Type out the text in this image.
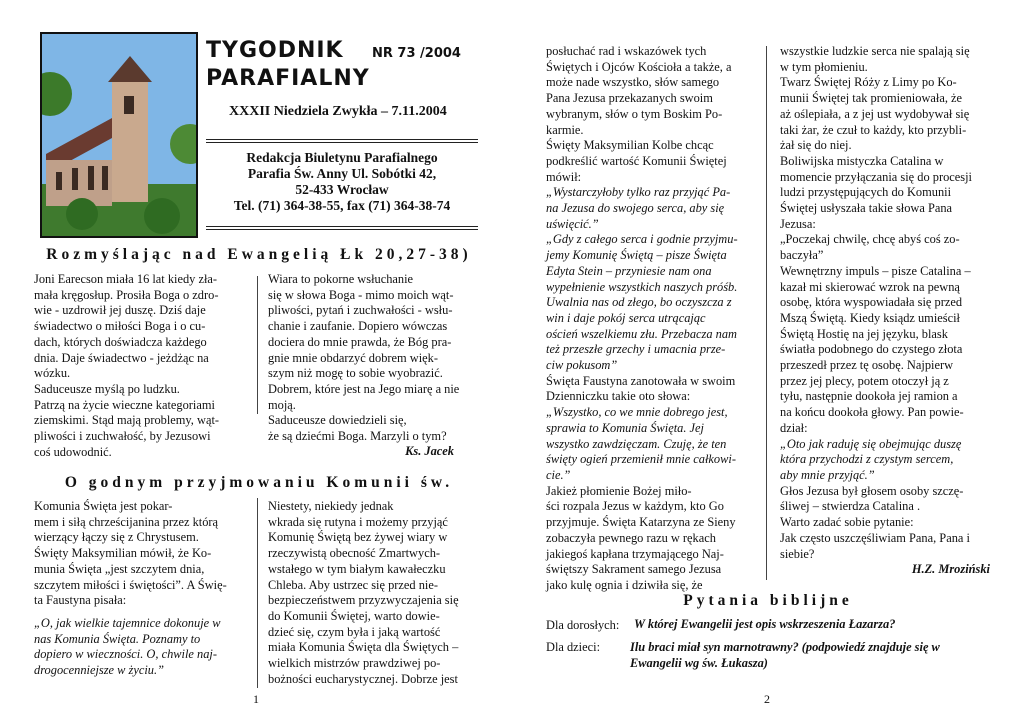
TYGODNIK NR 73 /2004
PARAFIALNY
XXXII Niedziela Zwykła – 7.11.2004
Redakcja Biuletynu Parafialnego
Parafia Św. Anny Ul. Sobótki 42,
52-433 Wrocław
Tel. (71) 364-38-55, fax (71) 364-38-74
Rozmyślając nad Ewangelią Łk 20,27-38)
Joni Earecson miała 16 lat kiedy zła-
mała kręgosłup. Prosiła Boga o zdro-
wie - uzdrowił jej duszę. Dziś daje
świadectwo o miłości Boga i o cu-
dach, których doświadcza każdego
dnia. Daje świadectwo - jeżdżąc na
wózku.
Saduceusze myślą po ludzku.
Patrzą na życie wieczne kategoriami
ziemskimi. Stąd mają problemy, wąt-
pliwości i zuchwałość, by Jezusowi
coś udowodnić.
Wiara to pokorne wsłuchanie
się w słowa Boga - mimo moich wąt-
pliwości, pytań i zuchwałości - wsłu-
chanie i zaufanie. Dopiero wówczas
dociera do mnie prawda, że Bóg pra-
gnie mnie obdarzyć dobrem więk-
szym niż mogę to sobie wyobrazić.
Dobrem, które jest na Jego miarę a nie
moją.
Saduceusze dowiedzieli się,
że są dziećmi Boga. Marzyli o tym?
Ks. Jacek
O godnym przyjmowaniu Komunii św.
Komunia Święta jest pokar-
mem i siłą chrześcijanina przez którą
wierzący łączy się z Chrystusem.
Święty Maksymilian mówił, że Ko-
munia Święta „jest szczytem dnia,
szczytem miłości i świętości”. A Świę-
ta Faustyna pisała:
„O, jak wielkie tajemnice dokonuje w
nas Komunia Święta. Poznamy to
dopiero w wieczności. O, chwile naj-
drogocenniejsze w życiu.”
Niestety, niekiedy jednak
wkrada się rutyna i możemy przyjąć
Komunię Świętą bez żywej wiary w
rzeczywistą obecność Zmartwych-
wstałego w tym białym kawałeczku
Chleba. Aby ustrzec się przed nie-
bezpieczeństwem przyzwyczajenia się
do Komunii Świętej, warto dowie-
dzieć się, czym była i jaką wartość
miała Komunia Święta dla Świętych –
wielkich mistrzów prawdziwej po-
bożności eucharystycznej. Dobrze jest
1
posłuchać rad i wskazówek tych
Świętych i Ojców Kościoła a także, a
może nade wszystko, słów samego
Pana Jezusa przekazanych swoim
wybranym, słów o tym Boskim Po-
karmie.
Święty Maksymilian Kolbe chcąc
podkreślić wartość Komunii Świętej
mówił:
„Wystarczyłoby tylko raz przyjąć Pa-
na Jezusa do swojego serca, aby się
uświęcić.”
„Gdy z całego serca i godnie przyjmu-
jemy Komunię Świętą – pisze Święta
Edyta Stein – przyniesie nam ona
wypełnienie wszystkich naszych próśb.
Uwalnia nas od złego, bo oczyszcza z
win i daje pokój serca utrącając
oścień wszelkiemu złu. Przebacza nam
też przeszłe grzechy i umacnia prze-
ciw pokusom”
Święta Faustyna zanotowała w swoim
Dzienniczku takie oto słowa:
„Wszystko, co we mnie dobrego jest,
sprawia to Komunia Święta. Jej
wszystko zawdzięczam. Czuję, że ten
święty ogień przemienił mnie całkowi-
cie.”
Jakież płomienie Bożej miło-
ści rozpala Jezus w każdym, kto Go
przyjmuje. Święta Katarzyna ze Sieny
zobaczyła pewnego razu w rękach
jakiegoś kapłana trzymającego Naj-
świętszy Sakrament samego Jezusa
jako kulę ognia i dziwiła się, że
wszystkie ludzkie serca nie spalają się
w tym płomieniu.
Twarz Świętej Róży z Limy po Ko-
munii Świętej tak promieniowała, że
aż oślepiała, a z jej ust wydobywał się
taki żar, że czuł to każdy, kto przybli-
żał się do niej.
Boliwijska mistyczka Catalina w
momencie przyłączania się do procesji
ludzi przystępujących do Komunii
Świętej usłyszała takie słowa Pana
Jezusa:
„Poczekaj chwilę, chcę abyś coś zo-
baczyła”
Wewnętrzny impuls – pisze Catalina –
kazał mi skierować wzrok na pewną
osobę, która wyspowiadała się przed
Mszą Świętą. Kiedy ksiądz umieścił
Świętą Hostię na jej języku, blask
światła podobnego do czystego złota
przeszedł przez tę osobę. Najpierw
przez jej plecy, potem otoczył ją z
tyłu, następnie dookoła jej ramion a
na końcu dookoła głowy. Pan powie-
dział:
„Oto jak raduję się obejmując duszę
która przychodzi z czystym sercem,
aby mnie przyjąć.”
Głos Jezusa był głosem osoby szczę-
śliwej – stwierdza Catalina .
Warto zadać sobie pytanie:
Jak często uszczęśliwiam Pana, Pana i
siebie?
H.Z. Mroziński
Pytania biblijne
Dla dorosłych: W której Ewangelii jest opis wskrzeszenia Łazarza?
Dla dzieci: Ilu braci miał syn marnotrawny? (podpowiedź znajduje się w
Ewangelii wg św. Łukasza)
2
